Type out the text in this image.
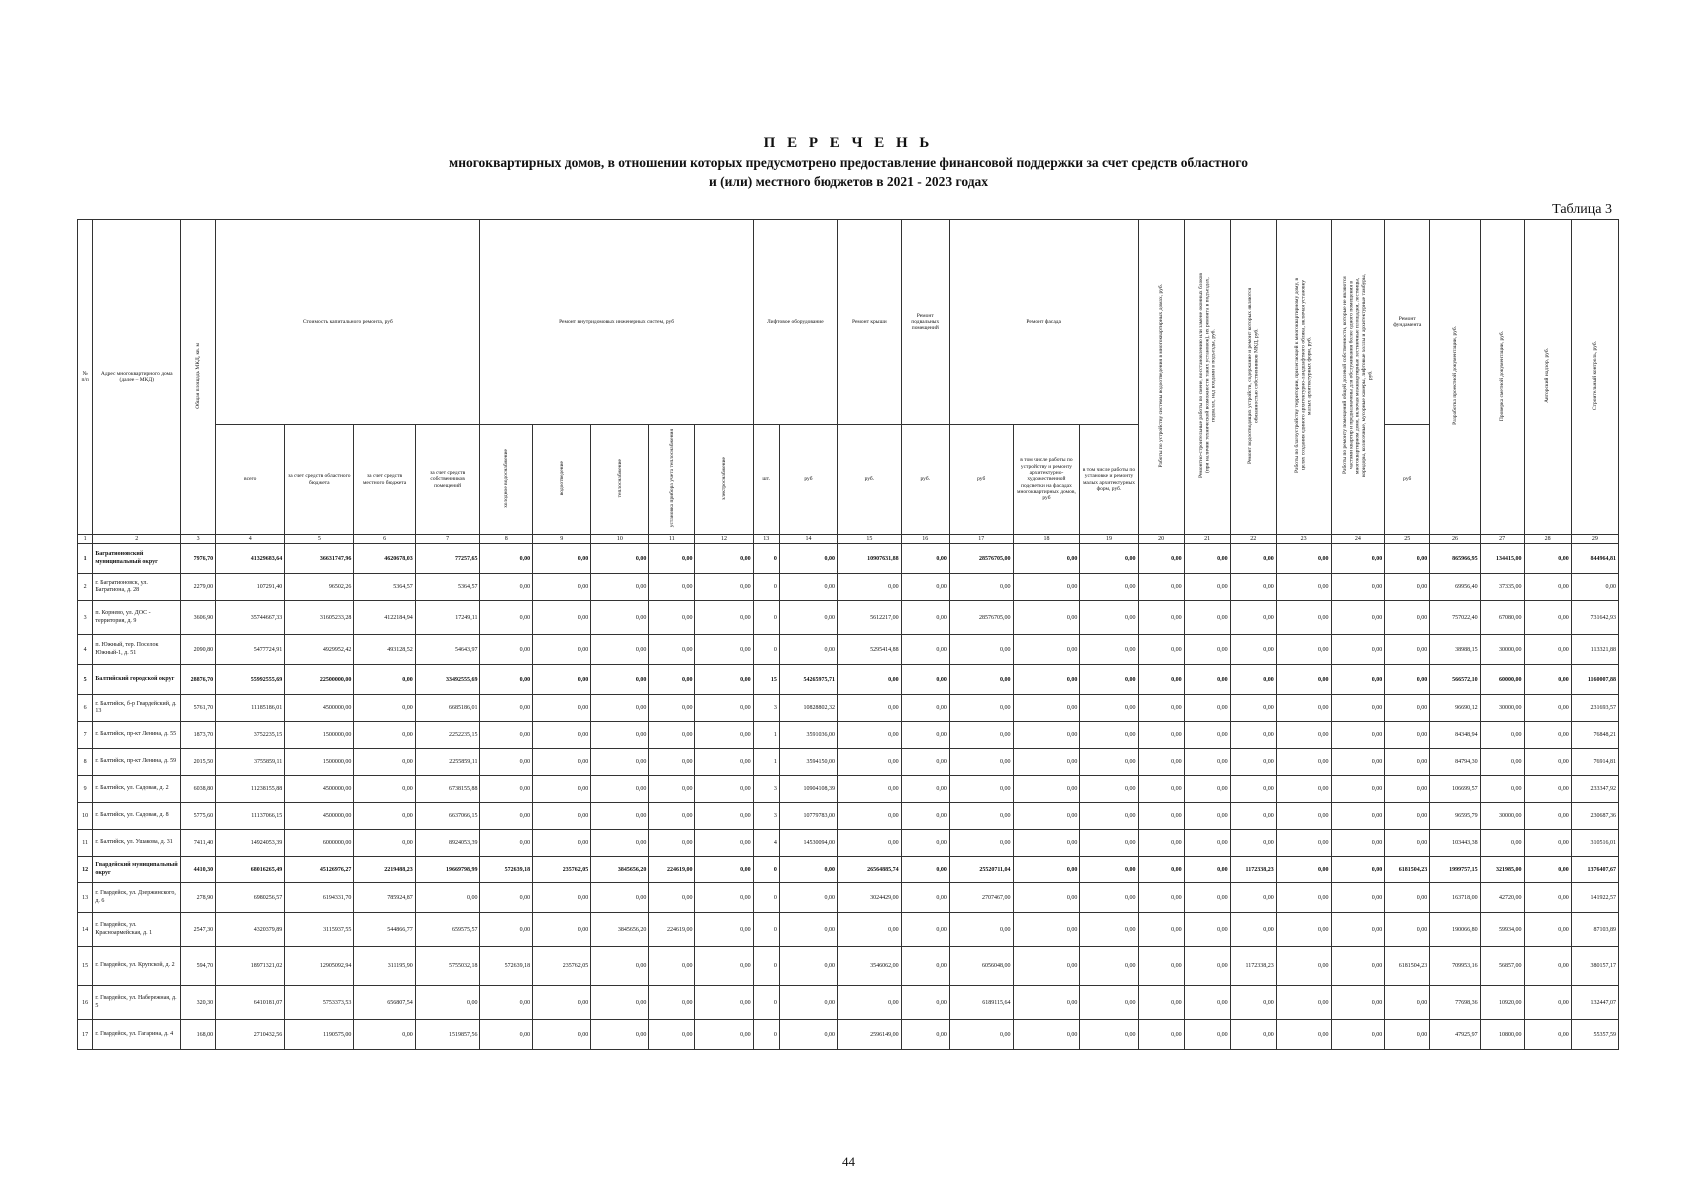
П Е Р Е Ч Е Н Ь
многоквартирных домов, в отношении которых предусмотрено предоставление финансовой поддержки за счет средств областного
и (или) местного бюджетов в 2021 - 2023 годах
Таблица 3
№ п/п	Адрес многоквартирного дома (далее – МКД)	Общая площадь МКД, кв. м	Стоимость капитального ремонта, руб				Ремонт внутридомовых инженерных систем, руб					Лифтовое оборудование		Ремонт крыши	Ремонт подвальных помещений	Ремонт фасада			Работы по устройству системы водоотведения в многоквартирных домах, руб.	Ремонтно-строительные работы по смене, восстановлению или замене оконных блоков (при наличии технической возможности таких установок), их ремонта в подъездах, подвалах, над входами в подъезды, руб.	Ремонт водоотводящих устройств, содержание и ремонт которых являются обязанностью собственников МКД, руб.	Работы по благоустройству территории, прилегающей к многоквартирному дому, в целях создания единого архитектурно-ландшафтного облика, включая установку малых архитектурных форм, руб.	Работы по ремонту помещений общей долевой собственности, которые не являются частями квартир и предназначены для обслуживания более одного помещения в многоквартирном доме, включая межквартирные лестничные площадки, лестницы, коридоры, колясочные, мусорные камеры, лифтовые холлы и архитектурные тамбуры, руб.	Ремонт фундамента	Разработка проектной документации, руб.	Проверка сметной документации, руб.	Авторский надзор, руб.	Строительный контроль, руб.
			всего	за счет средств областного бюджета	за счет средств местного бюджета	за счет средств собственников помещений	холодное водоснабжение	водоотведение	теплоснабжение	установка прибора учета теплоснабжения	электроснабжение	шт.	руб	руб.	руб.	руб	в том числе работы по устройству и ремонту архитектурно-художественной подсветки на фасадах многоквартирных домов, руб	в том числе работы по установке и ремонту малых архитектурных форм, руб.						руб				
1	2	3	4	5	6	7	8	9	10	11	12	13	14	15	16	17	18	19	20	21	22	23	24	25	26	27	28	29
1	Багратионовский муниципальный округ	7976,70	41329683,64	36631747,96	4620678,03	77257,65	0,00	0,00	0,00	0,00	0,00	0	0,00	10907631,88	0,00	28576705,00	0,00	0,00	0,00	0,00	0,00	0,00	0,00	0,00	865966,95	134415,00	0,00	844964,81
2	г. Багратионовск, ул. Багратиона, д. 28	2279,00	107291,40	96502,26	5364,57	5364,57	0,00	0,00	0,00	0,00	0,00	0	0,00	0,00	0,00	0,00	0,00	0,00	0,00	0,00	0,00	0,00	0,00	0,00	69956,40	37335,00	0,00	0,00
3	п. Корнево, ул. ДОС - территория, д. 9	3606,90	35744667,33	31605233,28	4122184,94	17249,11	0,00	0,00	0,00	0,00	0,00	0	0,00	5612217,00	0,00	28576705,00	0,00	0,00	0,00	0,00	0,00	0,00	0,00	0,00	757022,40	67080,00	0,00	731642,93
4	п. Южный, тер. Поселок Южный-1, д. 51	2090,80	5477724,91	4929952,42	493128,52	54643,97	0,00	0,00	0,00	0,00	0,00	0	0,00	5295414,88	0,00	0,00	0,00	0,00	0,00	0,00	0,00	0,00	0,00	0,00	38988,15	30000,00	0,00	113321,88
5	Балтийский городской округ	28876,70	55992555,69	22500000,00	0,00	33492555,69	0,00	0,00	0,00	0,00	0,00	15	54265975,71	0,00	0,00	0,00	0,00	0,00	0,00	0,00	0,00	0,00	0,00	0,00	566572,10	60000,00	0,00	1160007,88
6	г. Балтийск, б-р Гвардейский, д. 13	5761,70	11185186,01	4500000,00	0,00	6685186,01	0,00	0,00	0,00	0,00	0,00	3	10828802,32	0,00	0,00	0,00	0,00	0,00	0,00	0,00	0,00	0,00	0,00	0,00	96690,12	30000,00	0,00	231693,57
7	г. Балтийск, пр-кт Ленина, д. 55	1873,70	3752235,15	1500000,00	0,00	2252235,15	0,00	0,00	0,00	0,00	0,00	1	3591036,00	0,00	0,00	0,00	0,00	0,00	0,00	0,00	0,00	0,00	0,00	0,00	84348,94	0,00	0,00	76848,21
8	г. Балтийск, пр-кт Ленина, д. 59	2015,50	3755859,11	1500000,00	0,00	2255859,11	0,00	0,00	0,00	0,00	0,00	1	3594150,00	0,00	0,00	0,00	0,00	0,00	0,00	0,00	0,00	0,00	0,00	0,00	84794,30	0,00	0,00	76914,81
9	г. Балтийск, ул. Садовая, д. 2	6038,80	11238155,88	4500000,00	0,00	6738155,88	0,00	0,00	0,00	0,00	0,00	3	10904108,39	0,00	0,00	0,00	0,00	0,00	0,00	0,00	0,00	0,00	0,00	0,00	106699,57	0,00	0,00	233347,92
10	г. Балтийск, ул. Садовая, д. 8	5775,60	11137066,15	4500000,00	0,00	6637066,15	0,00	0,00	0,00	0,00	0,00	3	10779783,00	0,00	0,00	0,00	0,00	0,00	0,00	0,00	0,00	0,00	0,00	0,00	96595,79	30000,00	0,00	230687,36
11	г. Балтийск, ул. Ушакова, д. 31	7411,40	14924053,39	6000000,00	0,00	8924053,39	0,00	0,00	0,00	0,00	0,00	4	14530094,00	0,00	0,00	0,00	0,00	0,00	0,00	0,00	0,00	0,00	0,00	0,00	103443,38	0,00	0,00	310516,01
12	Гвардейский муниципальный округ	4410,30	68016265,49	45126976,27	2219488,23	19669798,99	572639,18	235762,05	3845656,20	224619,00	0,00	0	0,00	26564885,74	0,00	25520711,04	0,00	0,00	0,00	0,00	1172338,23	0,00	0,00	6181504,23	1999757,15	321985,00	0,00	1376407,67
13	г. Гвардейск, ул. Дзержинского, д. 6	278,90	6980256,57	6194331,70	785924,87	0,00	0,00	0,00	0,00	0,00	0,00	0	0,00	3024429,00	0,00	2707467,00	0,00	0,00	0,00	0,00	0,00	0,00	0,00	0,00	163718,00	42720,00	0,00	141922,57
14	г. Гвардейск, ул. Красноармейская, д. 1	2547,30	4320379,89	3115937,55	544866,77	659575,57	0,00	0,00	3845656,20	224619,00	0,00	0	0,00	0,00	0,00	0,00	0,00	0,00	0,00	0,00	0,00	0,00	0,00	0,00	190066,80	59934,00	0,00	87103,89
15	г. Гвардейск, ул. Крупской, д. 2	594,70	18971321,02	12905092,94	311195,90	5755032,18	572639,18	235762,05	0,00	0,00	0,00	0	0,00	3546062,00	0,00	6056048,00	0,00	0,00	0,00	0,00	1172338,23	0,00	0,00	6181504,23	709953,16	56857,00	0,00	380157,17
16	г. Гвардейск, ул. Набережная, д. 5	320,30	6410181,07	5753373,53	656807,54	0,00	0,00	0,00	0,00	0,00	0,00	0	0,00	0,00	0,00	6189115,64	0,00	0,00	0,00	0,00	0,00	0,00	0,00	0,00	77698,36	10920,00	0,00	132447,07
17	г. Гвардейск, ул. Гагарина, д. 4	168,00	2710432,56	1190575,00	0,00	1519857,56	0,00	0,00	0,00	0,00	0,00	0	0,00	2596149,00	0,00	0,00	0,00	0,00	0,00	0,00	0,00	0,00	0,00	0,00	47925,97	10800,00	0,00	55357,59
44
